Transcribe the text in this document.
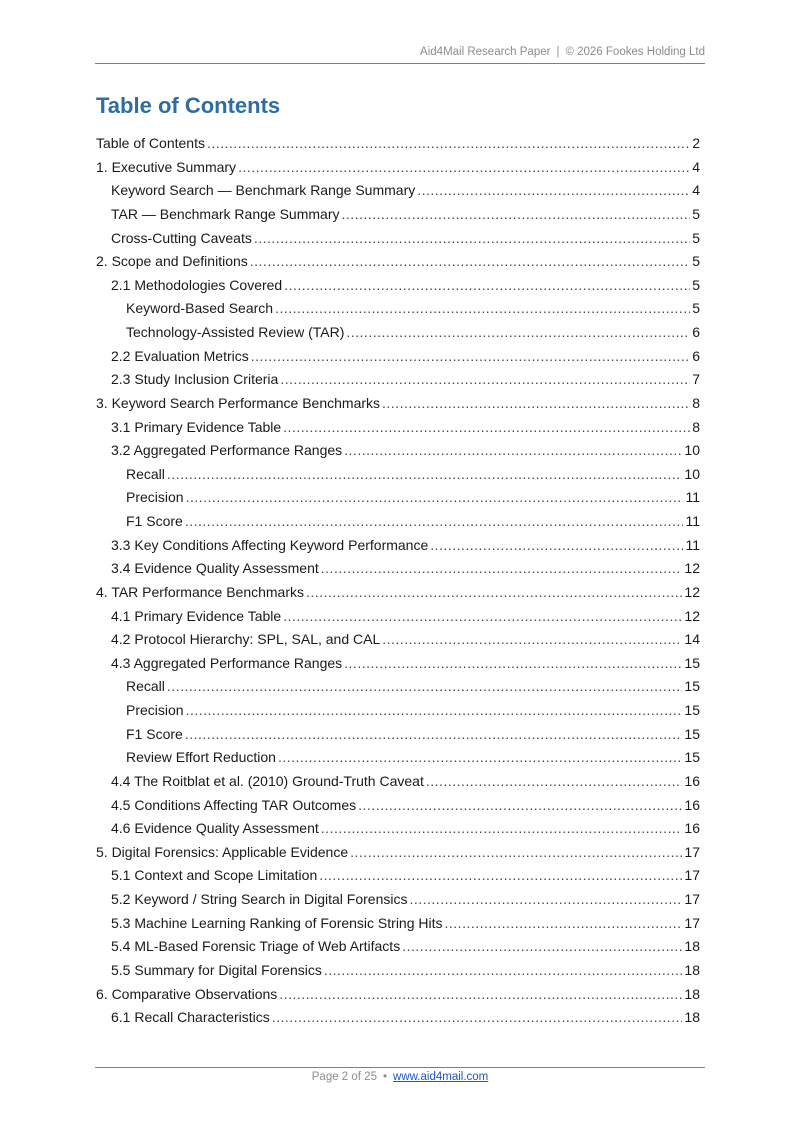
Aid4Mail Research Paper | © 2026 Fookes Holding Ltd
Table of Contents
Table of Contents .....	2
1. Executive Summary .....	4
Keyword Search — Benchmark Range Summary .....	4
TAR — Benchmark Range Summary .....	5
Cross-Cutting Caveats .....	5
2. Scope and Definitions .....	5
2.1 Methodologies Covered .....	5
Keyword-Based Search .....	5
Technology-Assisted Review (TAR) .....	6
2.2 Evaluation Metrics .....	6
2.3 Study Inclusion Criteria .....	7
3. Keyword Search Performance Benchmarks .....	8
3.1 Primary Evidence Table .....	8
3.2 Aggregated Performance Ranges .....	10
Recall .....	10
Precision .....	11
F1 Score .....	11
3.3 Key Conditions Affecting Keyword Performance .....	11
3.4 Evidence Quality Assessment .....	12
4. TAR Performance Benchmarks .....	12
4.1 Primary Evidence Table .....	12
4.2 Protocol Hierarchy: SPL, SAL, and CAL .....	14
4.3 Aggregated Performance Ranges .....	15
Recall .....	15
Precision .....	15
F1 Score .....	15
Review Effort Reduction .....	15
4.4 The Roitblat et al. (2010) Ground-Truth Caveat .....	16
4.5 Conditions Affecting TAR Outcomes .....	16
4.6 Evidence Quality Assessment .....	16
5. Digital Forensics: Applicable Evidence .....	17
5.1 Context and Scope Limitation .....	17
5.2 Keyword / String Search in Digital Forensics .....	17
5.3 Machine Learning Ranking of Forensic String Hits .....	17
5.4 ML-Based Forensic Triage of Web Artifacts .....	18
5.5 Summary for Digital Forensics .....	18
6. Comparative Observations .....	18
6.1 Recall Characteristics .....	18
Page 2 of 25 • www.aid4mail.com
